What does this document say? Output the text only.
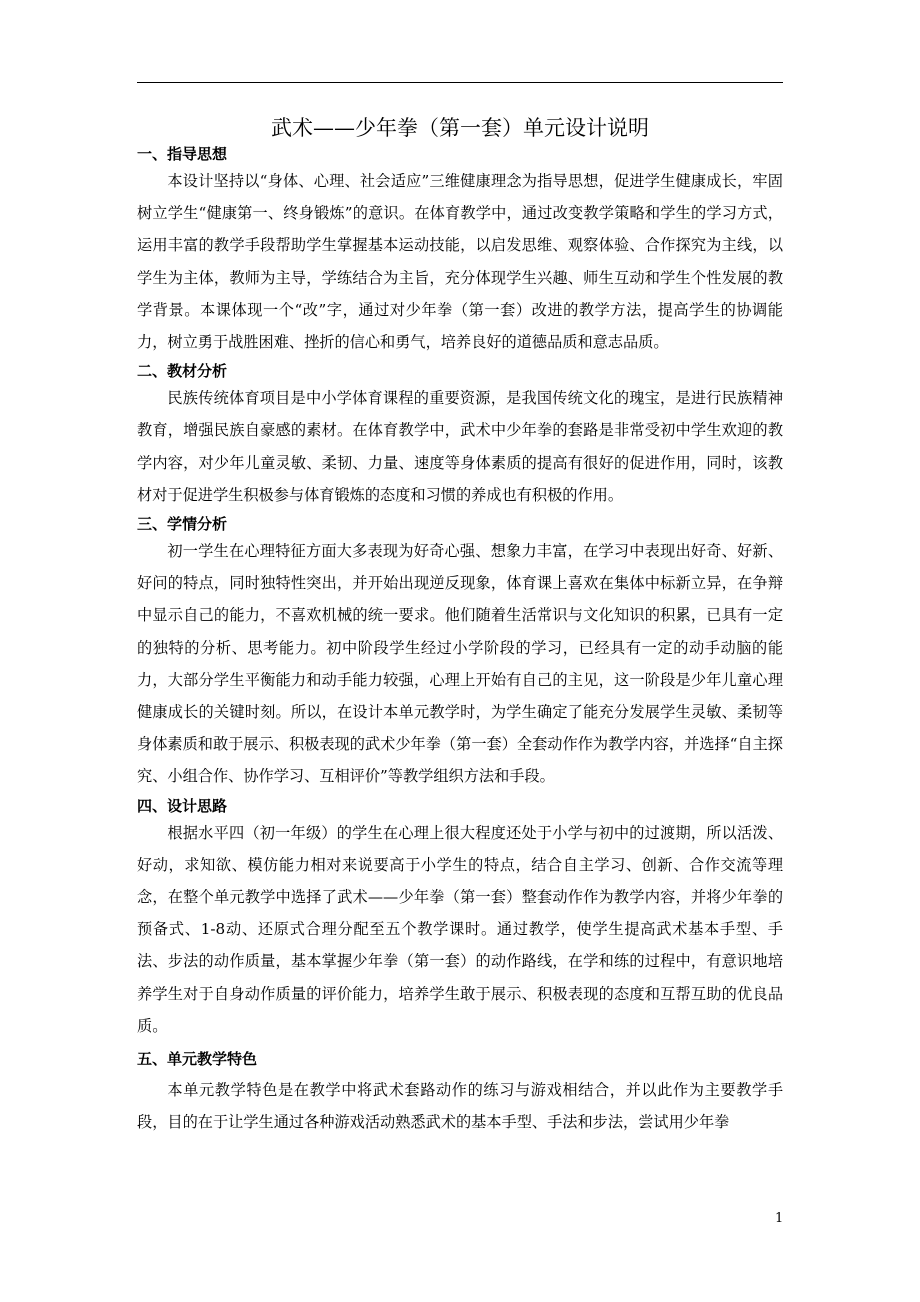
武术——少年拳（第一套）单元设计说明
一、指导思想

本设计坚持以“身体、心理、社会适应”三维健康理念为指导思想，促进学生健康成长，牢固树立学生“健康第一、终身锻炼”的意识。在体育教学中，通过改变教学策略和学生的学习方式，运用丰富的教学手段帮助学生掌握基本运动技能，以启发思维、观察体验、合作探究为主线，以学生为主体，教师为主导，学练结合为主旨，充分体现学生兴趣、师生互动和学生个性发展的教学背景。本课体现一个“改”字，通过对少年拳（第一套）改进的教学方法，提高学生的协调能力，树立勇于战胜困难、挫折的信心和勇气，培养良好的道德品质和意志品质。

二、教材分析

民族传统体育项目是中小学体育课程的重要资源，是我国传统文化的瑰宝，是进行民族精神教育，增强民族自豪感的素材。在体育教学中，武术中少年拳的套路是非常受初中学生欢迎的教学内容，对少年儿童灵敏、柔韧、力量、速度等身体素质的提高有很好的促进作用，同时，该教材对于促进学生积极参与体育锻炼的态度和习惯的养成也有积极的作用。

三、学情分析

初一学生在心理特征方面大多表现为好奇心强、想象力丰富，在学习中表现出好奇、好新、好问的特点，同时独特性突出，并开始出现逆反现象，体育课上喜欢在集体中标新立异，在争辩中显示自己的能力，不喜欢机械的统一要求。他们随着生活常识与文化知识的积累，已具有一定的独特的分析、思考能力。初中阶段学生经过小学阶段的学习，已经具有一定的动手动脑的能力，大部分学生平衡能力和动手能力较强，心理上开始有自己的主见，这一阶段是少年儿童心理健康成长的关键时刻。所以，在设计本单元教学时，为学生确定了能充分发展学生灵敏、柔韧等身体素质和敢于展示、积极表现的武术少年拳（第一套）全套动作作为教学内容，并选择“自主探究、小组合作、协作学习、互相评价”等教学组织方法和手段。

四、设计思路

根据水平四（初一年级）的学生在心理上很大程度还处于小学与初中的过渡期，所以活泼、好动，求知欲、模仿能力相对来说要高于小学生的特点，结合自主学习、创新、合作交流等理念，在整个单元教学中选择了武术——少年拳（第一套）整套动作作为教学内容，并将少年拳的预备式、1-8动、还原式合理分配至五个教学课时。通过教学，使学生提高武术基本手型、手法、步法的动作质量，基本掌握少年拳（第一套）的动作路线，在学和练的过程中，有意识地培养学生对于自身动作质量的评价能力，培养学生敢于展示、积极表现的态度和互帮互助的优良品质。

五、单元教学特色

本单元教学特色是在教学中将武术套路动作的练习与游戏相结合，并以此作为主要教学手段，目的在于让学生通过各种游戏活动熟悉武术的基本手型、手法和步法，尝试用少年拳

1
